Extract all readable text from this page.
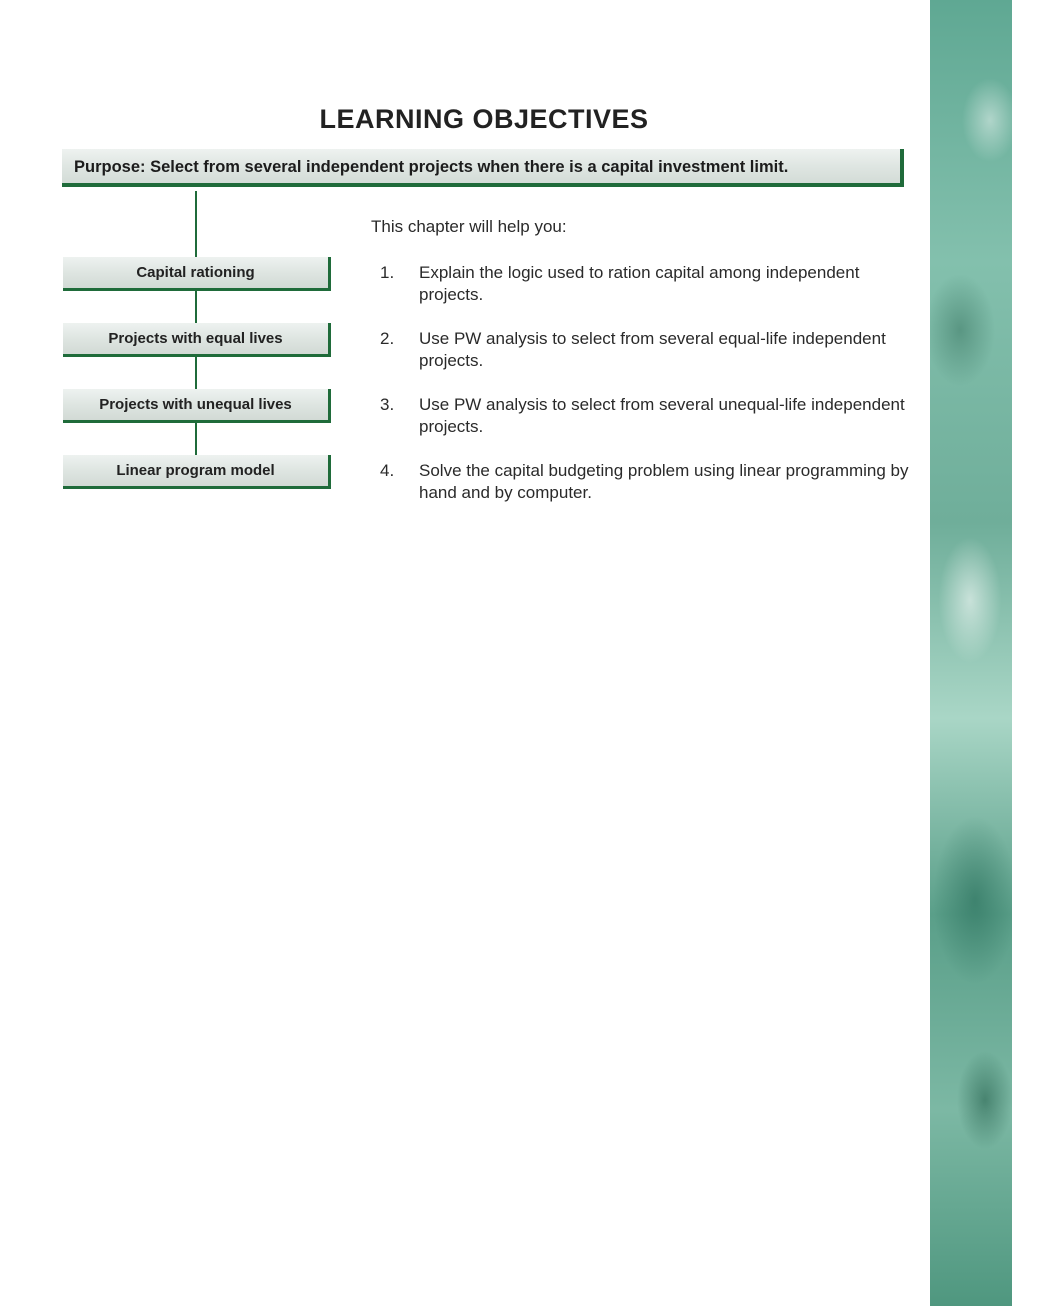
LEARNING OBJECTIVES
Purpose: Select from several independent projects when there is a capital investment limit.
Capital rationing
Projects with equal lives
Projects with unequal lives
Linear program model
This chapter will help you:
1.	Explain the logic used to ration capital among independent projects.
2.	Use PW analysis to select from several equal-life independent projects.
3.	Use PW analysis to select from several unequal-life independent projects.
4.	Solve the capital budgeting problem using linear programming by hand and by computer.
